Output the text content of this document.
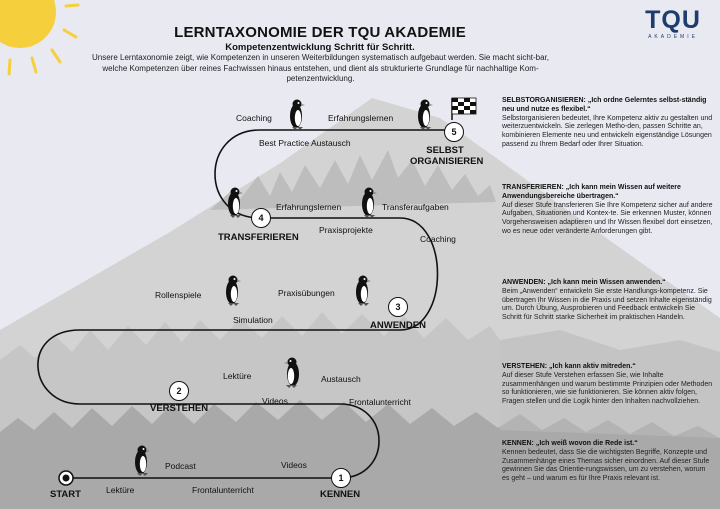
TQU
AKADEMIE
LERNTAXONOMIE DER TQU AKADEMIE
Kompetenzentwicklung Schritt für Schritt.
Unsere Lerntaxonomie zeigt, wie Kompetenzen in unseren Weiterbildungen systematisch aufgebaut werden. Sie macht sicht-bar, welche Kompetenzen über reines Fachwissen hinaus entstehen, und dient als strukturierte Grundlage für nachhaltige Kom-petenzentwicklung.
5
SELBST ORGANISIEREN
Coaching
Best Practice Austausch
Erfahrungslernen
4
TRANSFERIEREN
Erfahrungslernen
Praxisprojekte
Transferaufgaben
Coaching
3
ANWENDEN
Rollenspiele
Simulation
Praxisübungen
2
VERSTEHEN
Lektüre
Videos
Austausch
Frontalunterricht
1
KENNEN
Lektüre
Podcast
Frontalunterricht
Videos
START
SELBSTORGANISIEREN: „Ich ordne Gelerntes selbst-ständig neu und nutze es flexibel.“
Selbstorganisieren bedeutet, Ihre Kompetenz aktiv zu gestalten und weiterzuentwickeln. Sie zerlegen Metho-den, passen Schritte an, kombinieren Elemente neu und entwickeln eigenständige Lösungen passend zu Ihrem Bedarf oder Ihrer Situation.
TRANSFERIEREN: „Ich kann mein Wissen auf weitere Anwendungsbereiche übertragen.“
Auf dieser Stufe transferieren Sie Ihre Kompetenz sicher auf andere Aufgaben, Situationen und Kontex-te. Sie erkennen Muster, können Vorgehensweisen adaptieren und Ihr Wissen flexibel dort einsetzen, wo es neue oder veränderte Anforderungen gibt.
ANWENDEN: „Ich kann mein Wissen anwenden.“
Beim „Anwenden“ entwickeln Sie erste Handlungs-kompetenz. Sie übertragen Ihr Wissen in die Praxis und setzen Inhalte eigenständig um. Durch Übung, Ausprobieren und Feedback entwickeln Sie Schritt für Schritt starke Sicherheit im praktischen Handeln.
VERSTEHEN: „Ich kann aktiv mitreden.“
Auf dieser Stufe Verstehen erfassen Sie, wie Inhalte zusammenhängen und warum bestimmte Prinzipien oder Methoden so funktionieren, wie sie funktionieren. Sie können aktiv folgen, Fragen stellen und die Logik hinter den Inhalten nachvollziehen.
KENNEN: „Ich weiß wovon die Rede ist.“
Kennen bedeutet, dass Sie die wichtigsten Begriffe, Konzepte und Zusammenhänge eines Themas sicher einordnen. Auf dieser Stufe gewinnen Sie das Orientie-rungswissen, um zu verstehen, worum es geht – und warum es für Ihre Praxis relevant ist.
